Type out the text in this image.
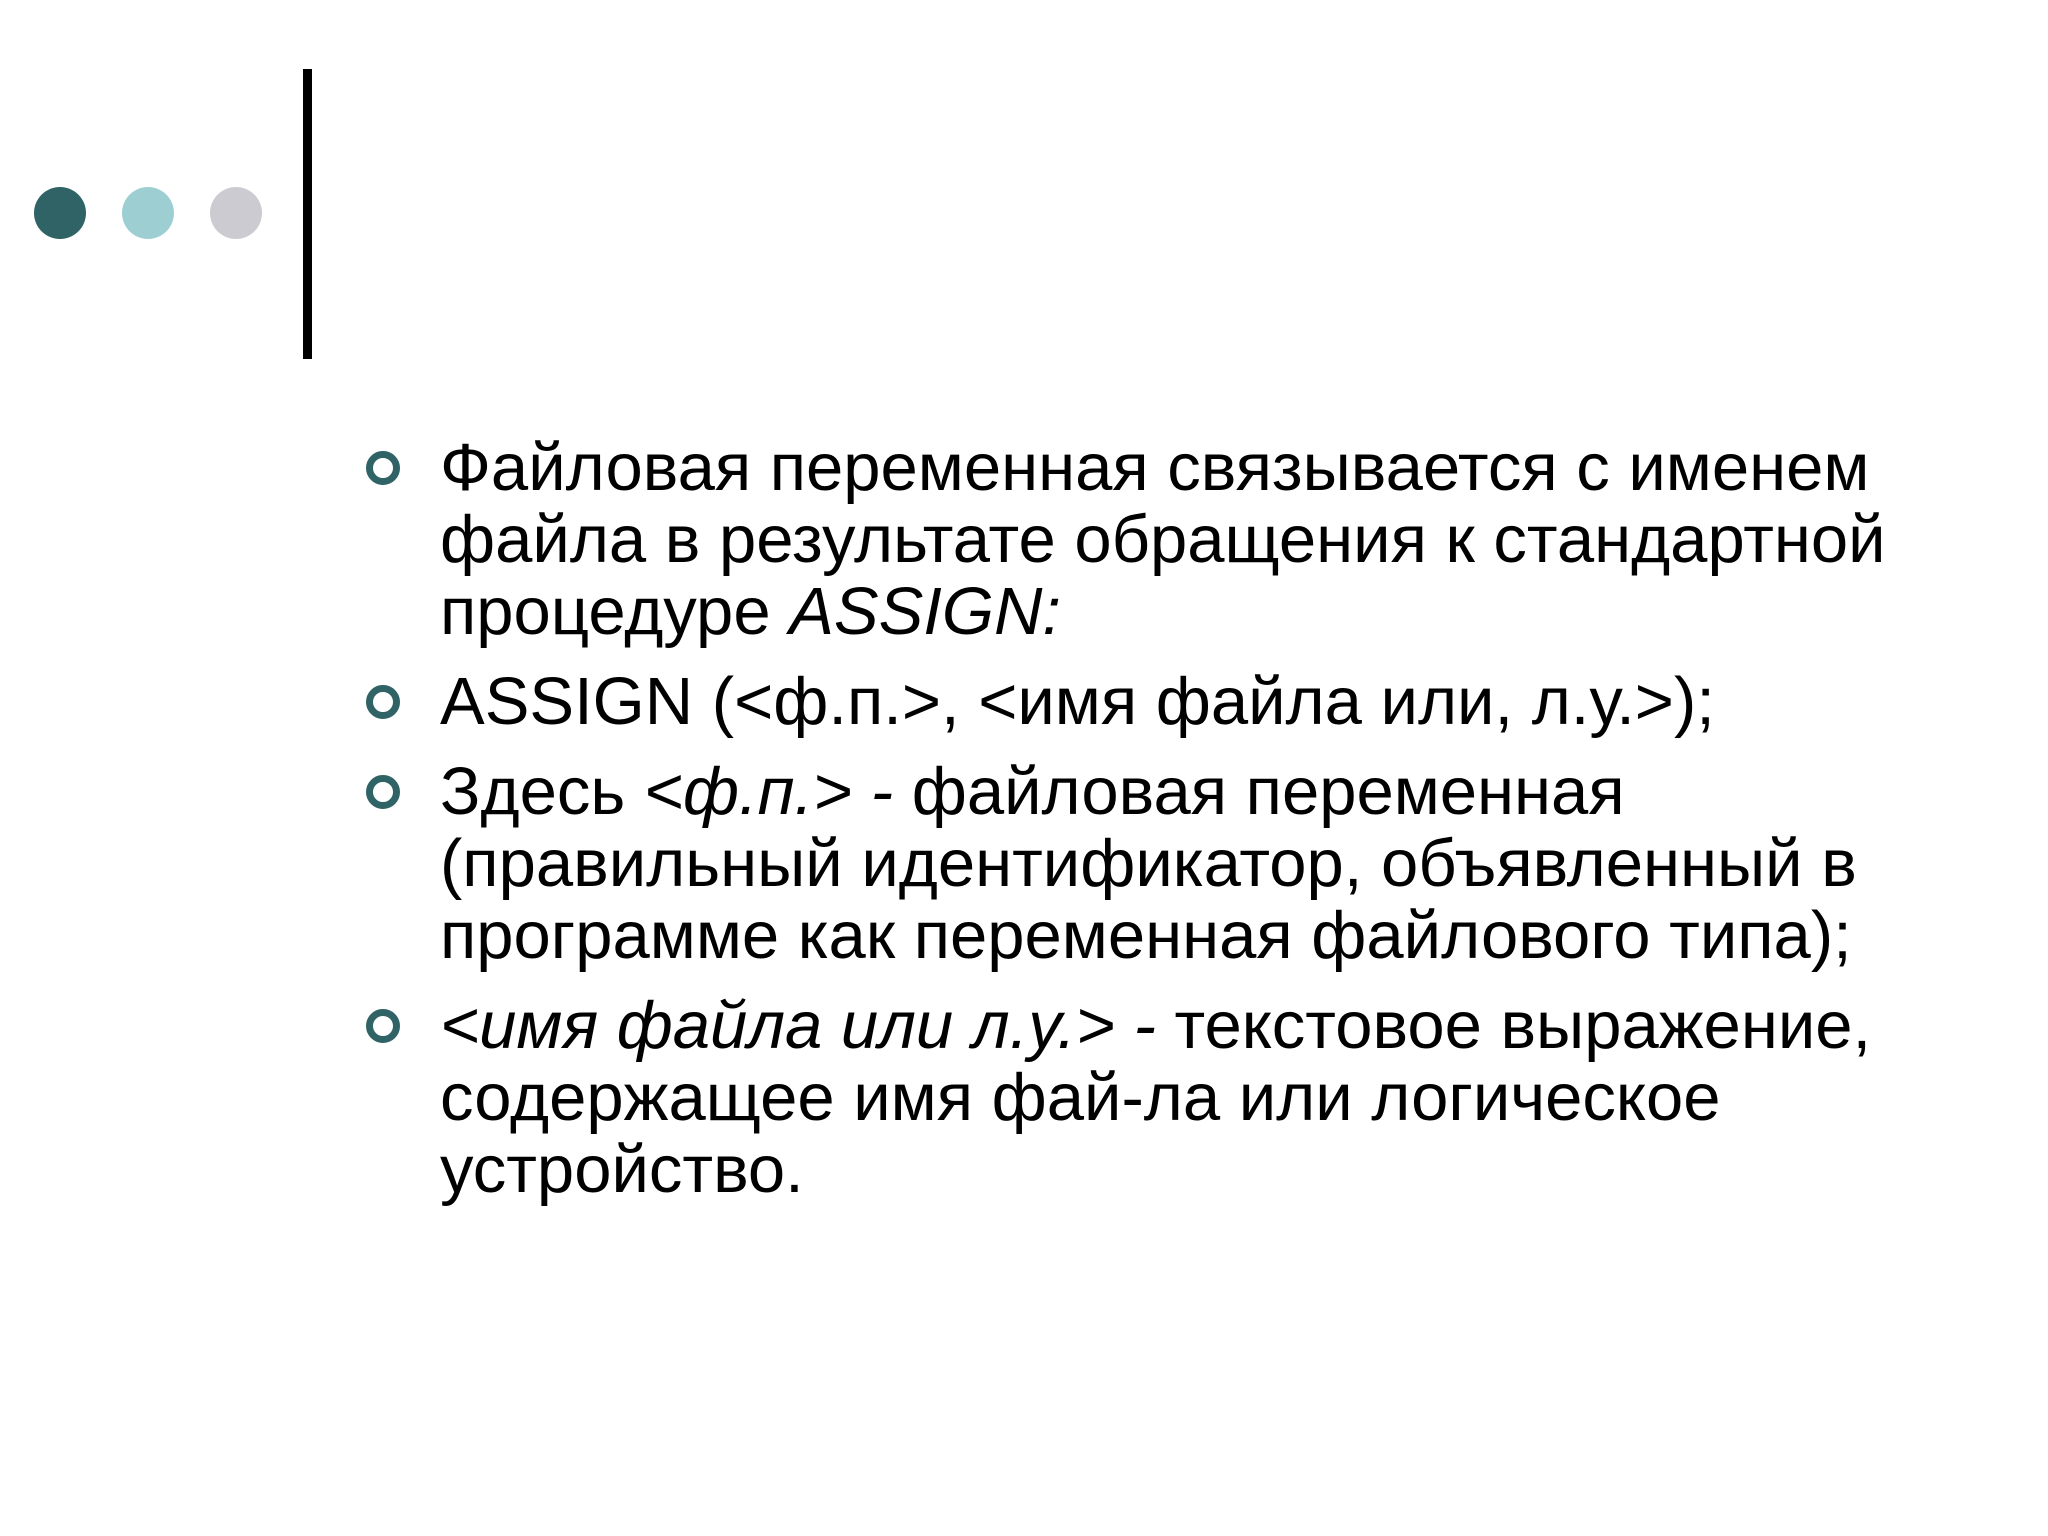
Файловая переменная связывается с именем файла в результате обращения к стандартной процедуре ASSIGN:
ASSIGN (<ф.п.>, <имя файла или, л.у.>);
Здесь <ф.п.> - файловая переменная (правильный идентификатор, объявленный в программе как переменная файлового типа);
<имя файла или л.у.> - текстовое выражение, содержащее имя фай-ла или логическое устройство.
